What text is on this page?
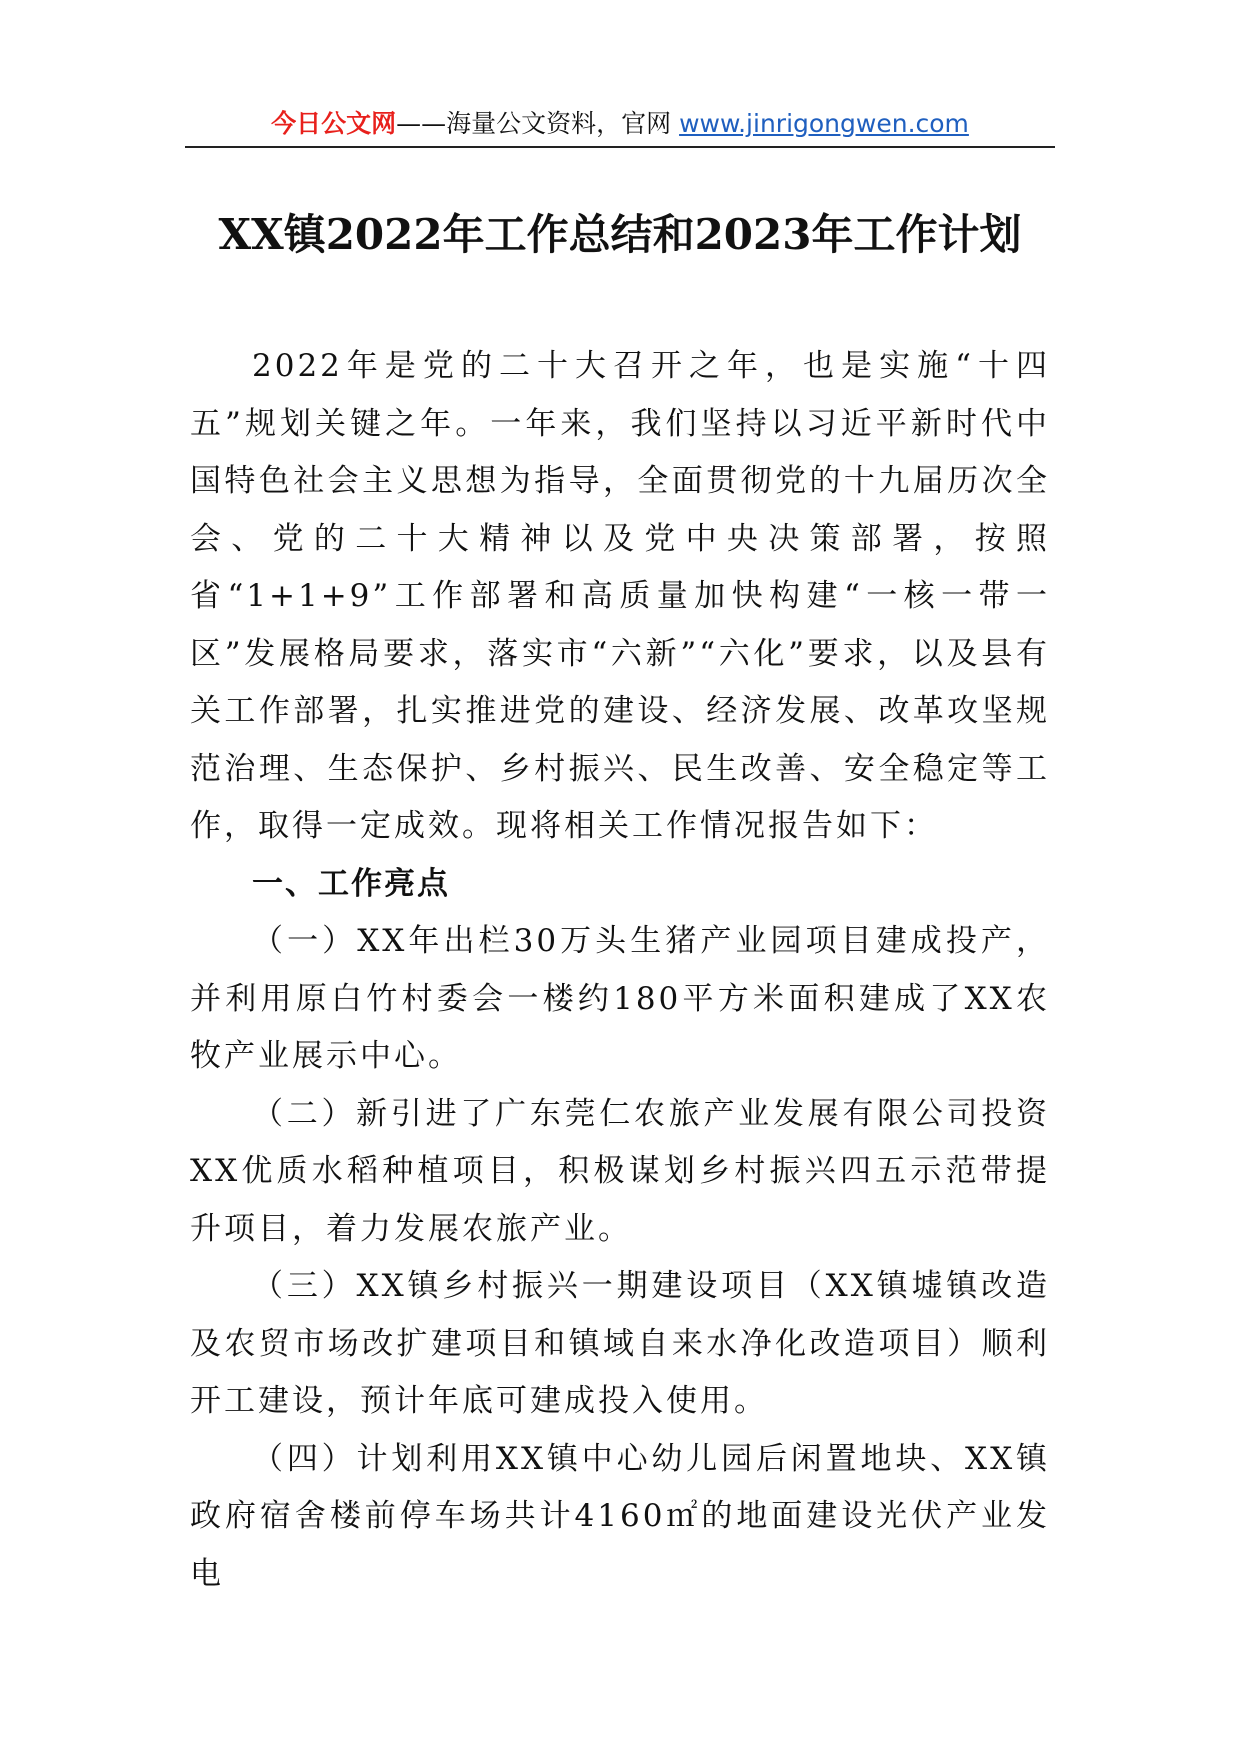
今日公文网——海量公文资料，官网 www.jinrigongwen.com
XX镇2022年工作总结和2023年工作计划

2022年是党的二十大召开之年，也是实施“十四五”规划关键之年。一年来，我们坚持以习近平新时代中国特色社会主义思想为指导，全面贯彻党的十九届历次全会、党的二十大精神以及党中央决策部署，按照省“1+1+9”工作部署和高质量加快构建“一核一带一区”发展格局要求，落实市“六新”“六化”要求，以及县有关工作部署，扎实推进党的建设、经济发展、改革攻坚规范治理、生态保护、乡村振兴、民生改善、安全稳定等工作，取得一定成效。现将相关工作情况报告如下：

一、工作亮点

（一）XX年出栏30万头生猪产业园项目建成投产，并利用原白竹村委会一楼约180平方米面积建成了XX农牧产业展示中心。

（二）新引进了广东莞仁农旅产业发展有限公司投资XX优质水稻种植项目，积极谋划乡村振兴四五示范带提升项目，着力发展农旅产业。

（三）XX镇乡村振兴一期建设项目（XX镇墟镇改造及农贸市场改扩建项目和镇域自来水净化改造项目）顺利开工建设，预计年底可建成投入使用。

（四）计划利用XX镇中心幼儿园后闲置地块、XX镇政府宿舍楼前停车场共计4160㎡的地面建设光伏产业发电
